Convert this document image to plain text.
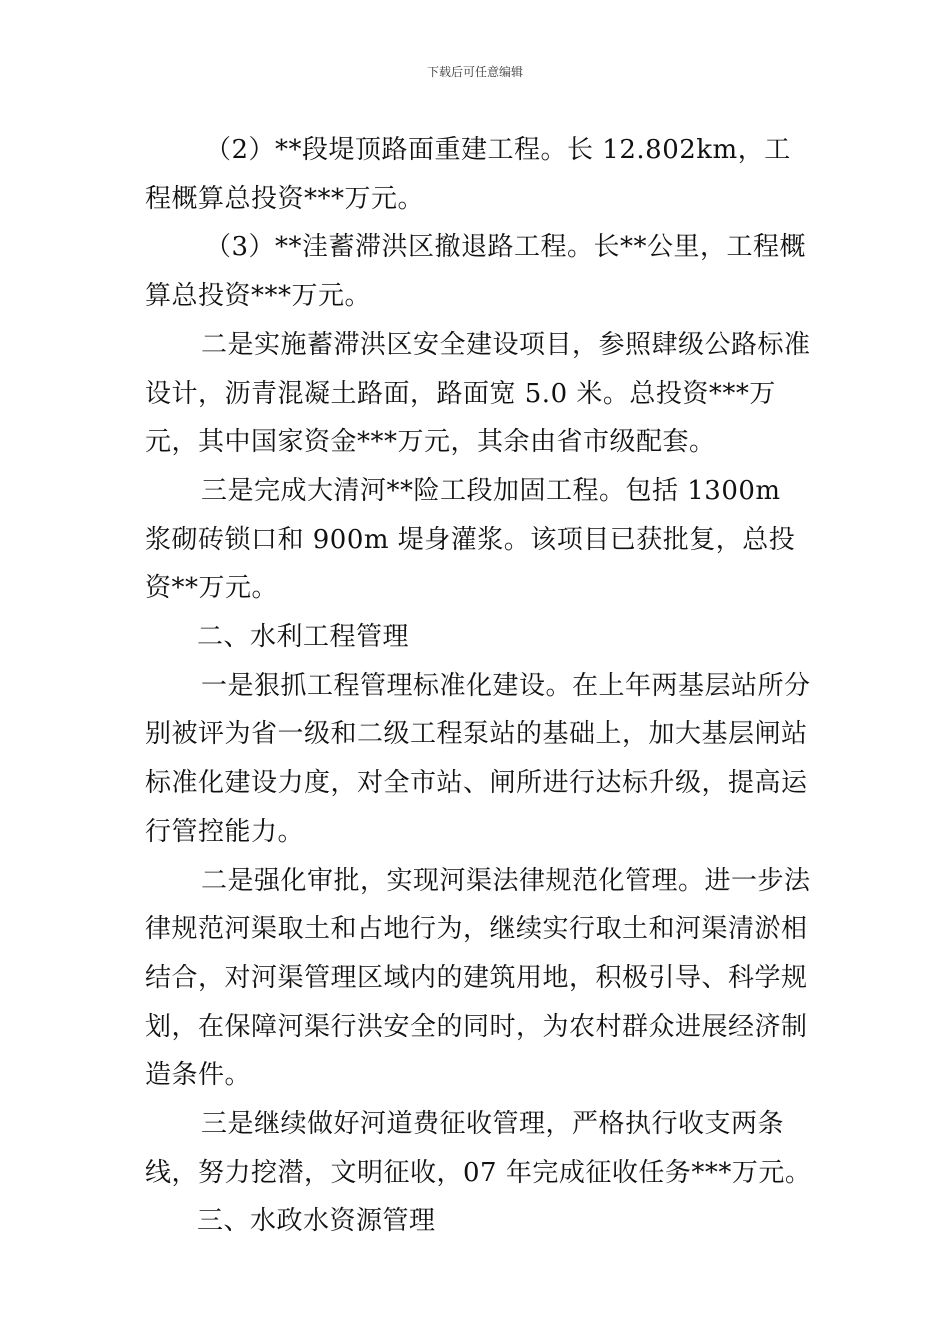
下载后可任意编辑

（2）**段堤顶路面重建工程。长 12.802km，工程概算总投资***万元。

（3）**洼蓄滞洪区撤退路工程。长**公里，工程概算总投资***万元。

二是实施蓄滞洪区安全建设项目，参照肆级公路标准设计，沥青混凝土路面，路面宽 5.0 米。总投资***万元，其中国家资金***万元，其余由省市级配套。

三是完成大清河**险工段加固工程。包括 1300m 浆砌砖锁口和 900m 堤身灌浆。该项目已获批复，总投资**万元。

二、水利工程管理

一是狠抓工程管理标准化建设。在上年两基层站所分别被评为省一级和二级工程泵站的基础上，加大基层闸站标准化建设力度，对全市站、闸所进行达标升级，提高运行管控能力。

二是强化审批，实现河渠法律规范化管理。进一步法律规范河渠取土和占地行为，继续实行取土和河渠清淤相结合，对河渠管理区域内的建筑用地，积极引导、科学规划，在保障河渠行洪安全的同时，为农村群众进展经济制造条件。

三是继续做好河道费征收管理，严格执行收支两条线，努力挖潜，文明征收，07 年完成征收任务***万元。

三、水政水资源管理
